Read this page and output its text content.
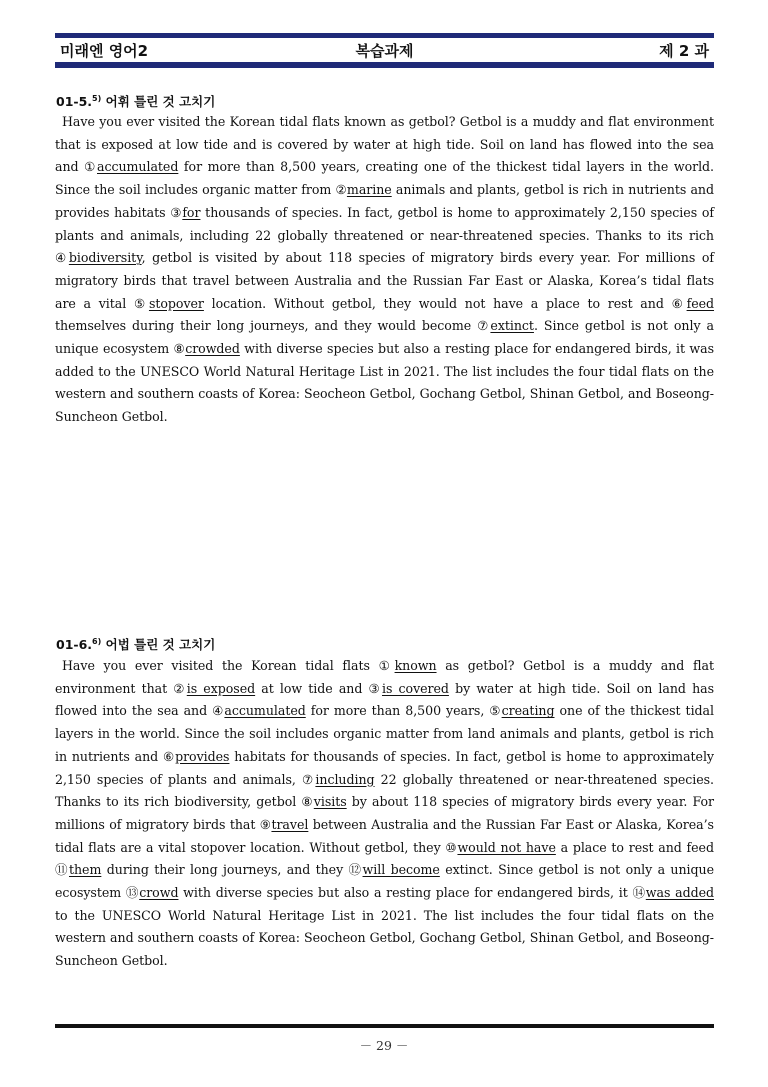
미래엔 영어2	복습과제	제 2 과
01-5.$^{5)}$ 어휘 틀린 것 고치기
Have you ever visited the Korean tidal flats known as getbol? Getbol is a muddy and flat environment that is exposed at low tide and is covered by water at high tide. Soil on land has flowed into the sea and ①accumulated for more than 8,500 years, creating one of the thickest tidal layers in the world. Since the soil includes organic matter from ②marine animals and plants, getbol is rich in nutrients and provides habitats ③for thousands of species. In fact, getbol is home to approximately 2,150 species of plants and animals, including 22 globally threatened or near-threatened species. Thanks to its rich ④biodiversity, getbol is visited by about 118 species of migratory birds every year. For millions of migratory birds that travel between Australia and the Russian Far East or Alaska, Korea’s tidal flats are a vital ⑤stopover location. Without getbol, they would not have a place to rest and ⑥feed themselves during their long journeys, and they would become ⑦extinct. Since getbol is not only a unique ecosystem ⑧crowded with diverse species but also a resting place for endangered birds, it was added to the UNESCO World Natural Heritage List in 2021. The list includes the four tidal flats on the western and southern coasts of Korea: Seocheon Getbol, Gochang Getbol, Shinan Getbol, and Boseong-Suncheon Getbol.
01-6.$^{6)}$ 어법 틀린 것 고치기
Have you ever visited the Korean tidal flats ①known as getbol? Getbol is a muddy and flat environment that ②is exposed at low tide and ③is covered by water at high tide. Soil on land has flowed into the sea and ④accumulated for more than 8,500 years, ⑤creating one of the thickest tidal layers in the world. Since the soil includes organic matter from land animals and plants, getbol is rich in nutrients and ⑥provides habitats for thousands of species. In fact, getbol is home to approximately 2,150 species of plants and animals, ⑦including 22 globally threatened or near-threatened species. Thanks to its rich biodiversity, getbol ⑧visits by about 118 species of migratory birds every year. For millions of migratory birds that ⑨travel between Australia and the Russian Far East or Alaska, Korea’s tidal flats are a vital stopover location. Without getbol, they ⑩would not have a place to rest and feed ⑪them during their long journeys, and they ⑫will become extinct. Since getbol is not only a unique ecosystem ⑬crowd with diverse species but also a resting place for endangered birds, it ⑭was added to the UNESCO World Natural Heritage List in 2021. The list includes the four tidal flats on the western and southern coasts of Korea: Seocheon Getbol, Gochang Getbol, Shinan Getbol, and Boseong-Suncheon Getbol.
－ 29 －
